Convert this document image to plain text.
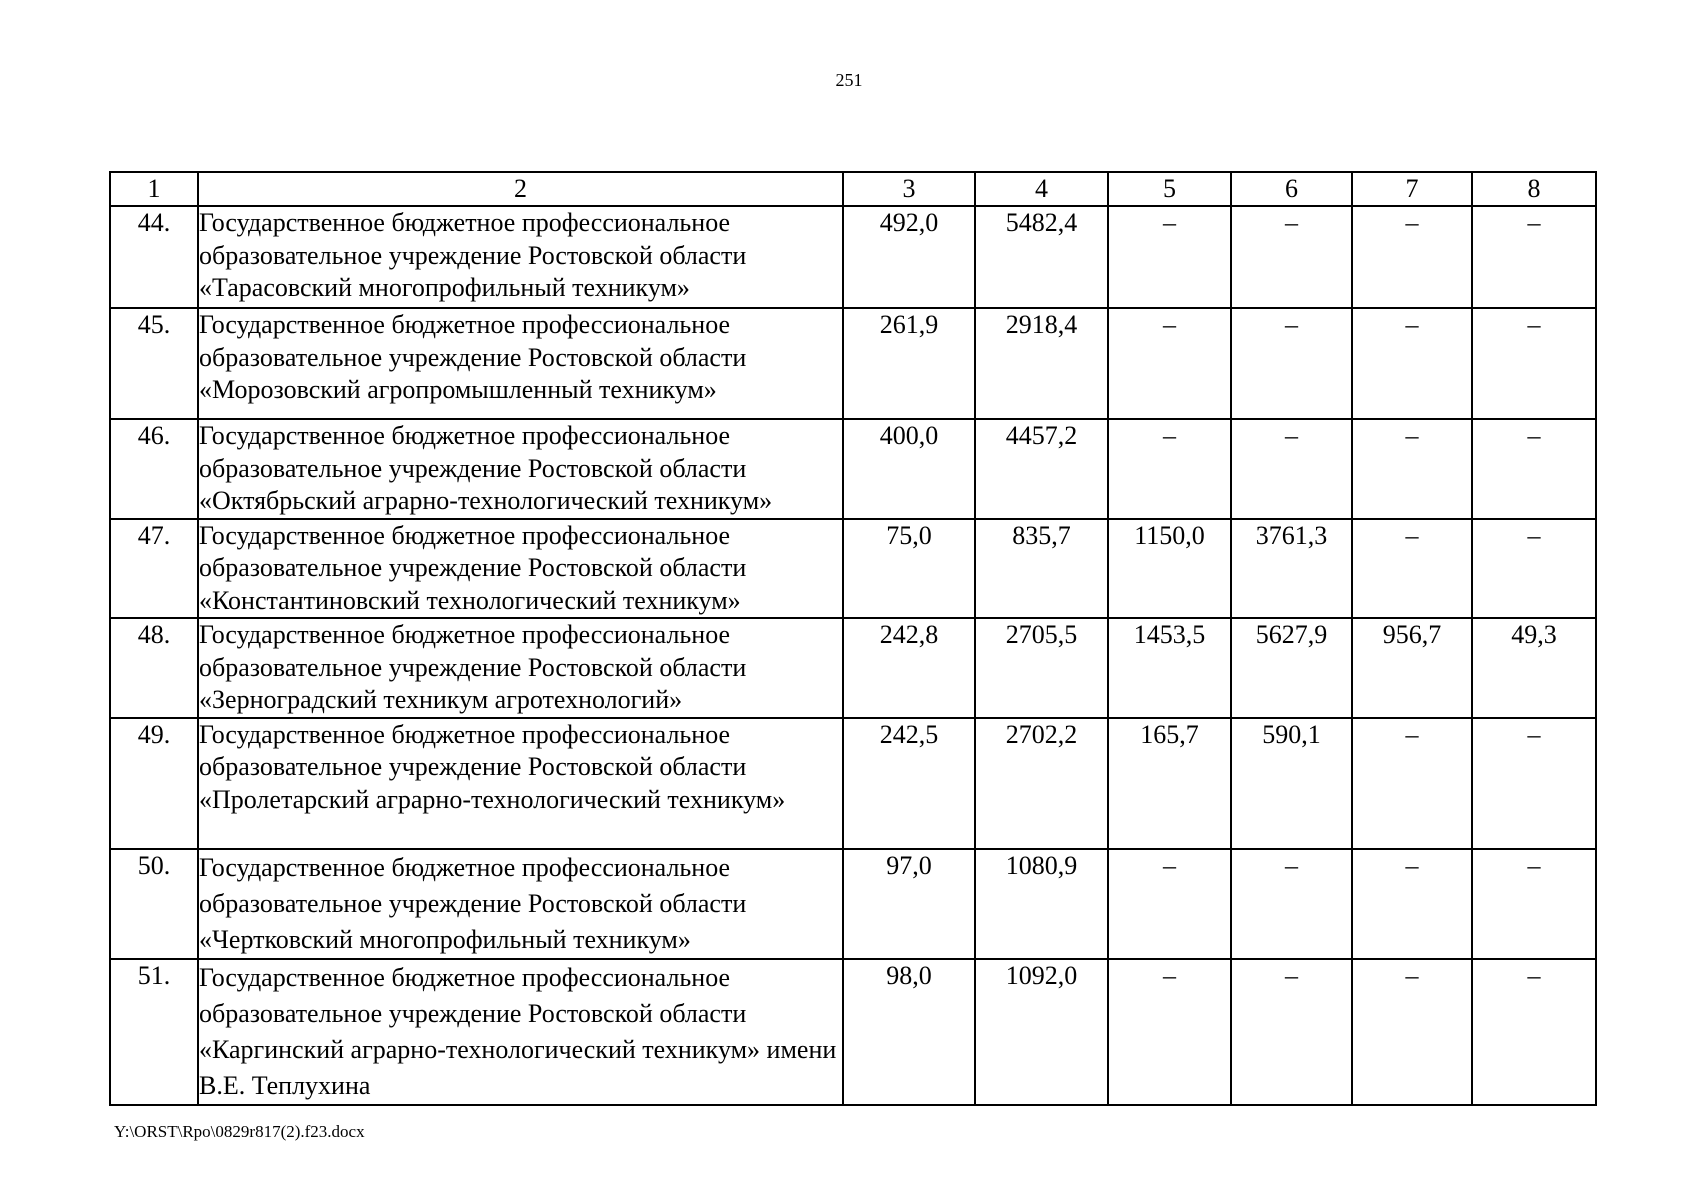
251
1	2	3	4	5	6	7	8
44.	Государственное бюджетное профессиональное образовательное учреждение Ростовской области «Тарасовский многопрофильный техникум»	492,0	5482,4	–	–	–	–
45.	Государственное бюджетное профессиональное образовательное учреждение Ростовской области «Морозовский агропромышленный техникум»	261,9	2918,4	–	–	–	–
46.	Государственное бюджетное профессиональное образовательное учреждение Ростовской области «Октябрьский аграрно-технологический техникум»	400,0	4457,2	–	–	–	–
47.	Государственное бюджетное профессиональное образовательное учреждение Ростовской области «Константиновский технологический техникум»	75,0	835,7	1150,0	3761,3	–	–
48.	Государственное бюджетное профессиональное образовательное учреждение Ростовской области «Зерноградский техникум агротехнологий»	242,8	2705,5	1453,5	5627,9	956,7	49,3
49.	Государственное бюджетное профессиональное образовательное учреждение Ростовской области «Пролетарский аграрно-технологический техникум»	242,5	2702,2	165,7	590,1	–	–
50.	Государственное бюджетное профессиональное образовательное учреждение Ростовской области «Чертковский многопрофильный техникум»	97,0	1080,9	–	–	–	–
51.	Государственное бюджетное профессиональное образовательное учреждение Ростовской области «Каргинский аграрно-технологический техникум» имени В.Е. Теплухина	98,0	1092,0	–	–	–	–
Y:\ORST\Rpo\0829r817(2).f23.docx
